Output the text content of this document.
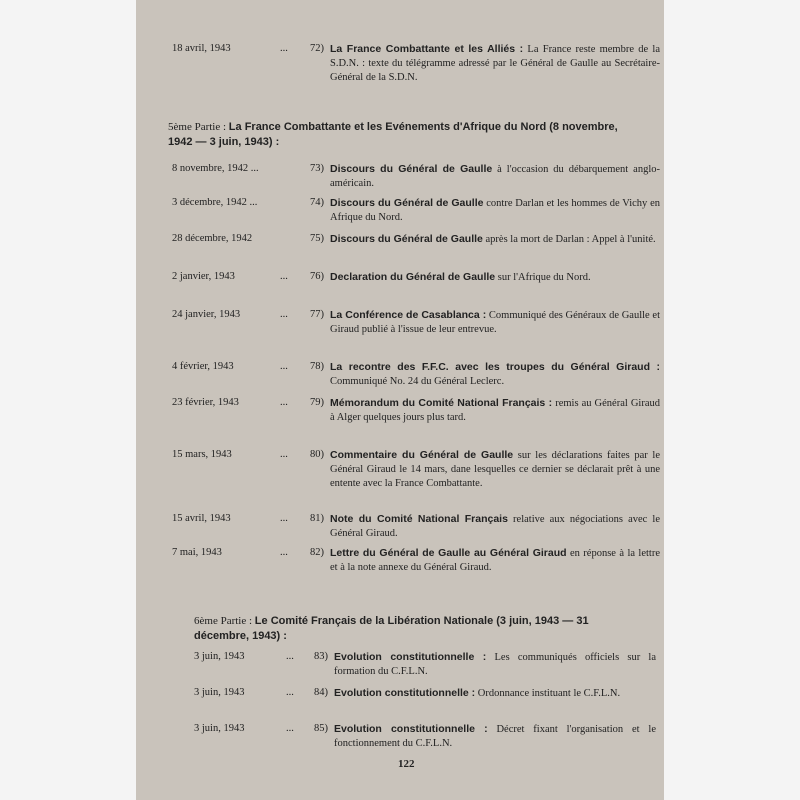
18 avril, 1943	...	72) La France Combattante et les Alliés : La France reste membre de la S.D.N. : texte du télégramme adressé par le Général de Gaulle au Secrétaire-Général de la S.D.N.
5ème Partie : La France Combattante et les Evénements d'Afrique du Nord (8 novembre, 1942 — 3 juin, 1943) :
8 novembre, 1942 ...	73) Discours du Général de Gaulle à l'occasion du débarquement anglo-américain.
3 décembre, 1942 ...	74) Discours du Général de Gaulle contre Darlan et les hommes de Vichy en Afrique du Nord.
28 décembre, 1942	75) Discours du Général de Gaulle après la mort de Darlan : Appel à l'unité.
2 janvier, 1943	...	76) Declaration du Général de Gaulle sur l'Afrique du Nord.
24 janvier, 1943	...	77) La Conférence de Casablanca : Communiqué des Généraux de Gaulle et Giraud publié à l'issue de leur entrevue.
4 février, 1943	...	78) La recontre des F.F.C. avec les troupes du Général Giraud : Communiqué No. 24 du Général Leclerc.
23 février, 1943	...	79) Mémorandum du Comité National Français : remis au Général Giraud à Alger quelques jours plus tard.
15 mars, 1943	...	80) Commentaire du Général de Gaulle sur les déclarations faites par le Général Giraud le 14 mars, dane lesquelles ce dernier se déclarait prêt à une entente avec la France Combattante.
15 avril, 1943	...	81) Note du Comité National Français relative aux négociations avec le Général Giraud.
7 mai, 1943	...	82) Lettre du Général de Gaulle au Général Giraud en réponse à la lettre et à la note annexe du Général Giraud.
6ème Partie : Le Comité Français de la Libération Nationale (3 juin, 1943 — 31 décembre, 1943) :
3 juin, 1943	...	83) Evolution constitutionnelle : Les communiqués officiels sur la formation du C.F.L.N.
3 juin, 1943	...	84) Evolution constitutionnelle : Ordonnance instituant le C.F.L.N.
3 juin, 1943	...	85) Evolution constitutionnelle : Décret fixant l'organisation et le fonctionnement du C.F.L.N.
122
